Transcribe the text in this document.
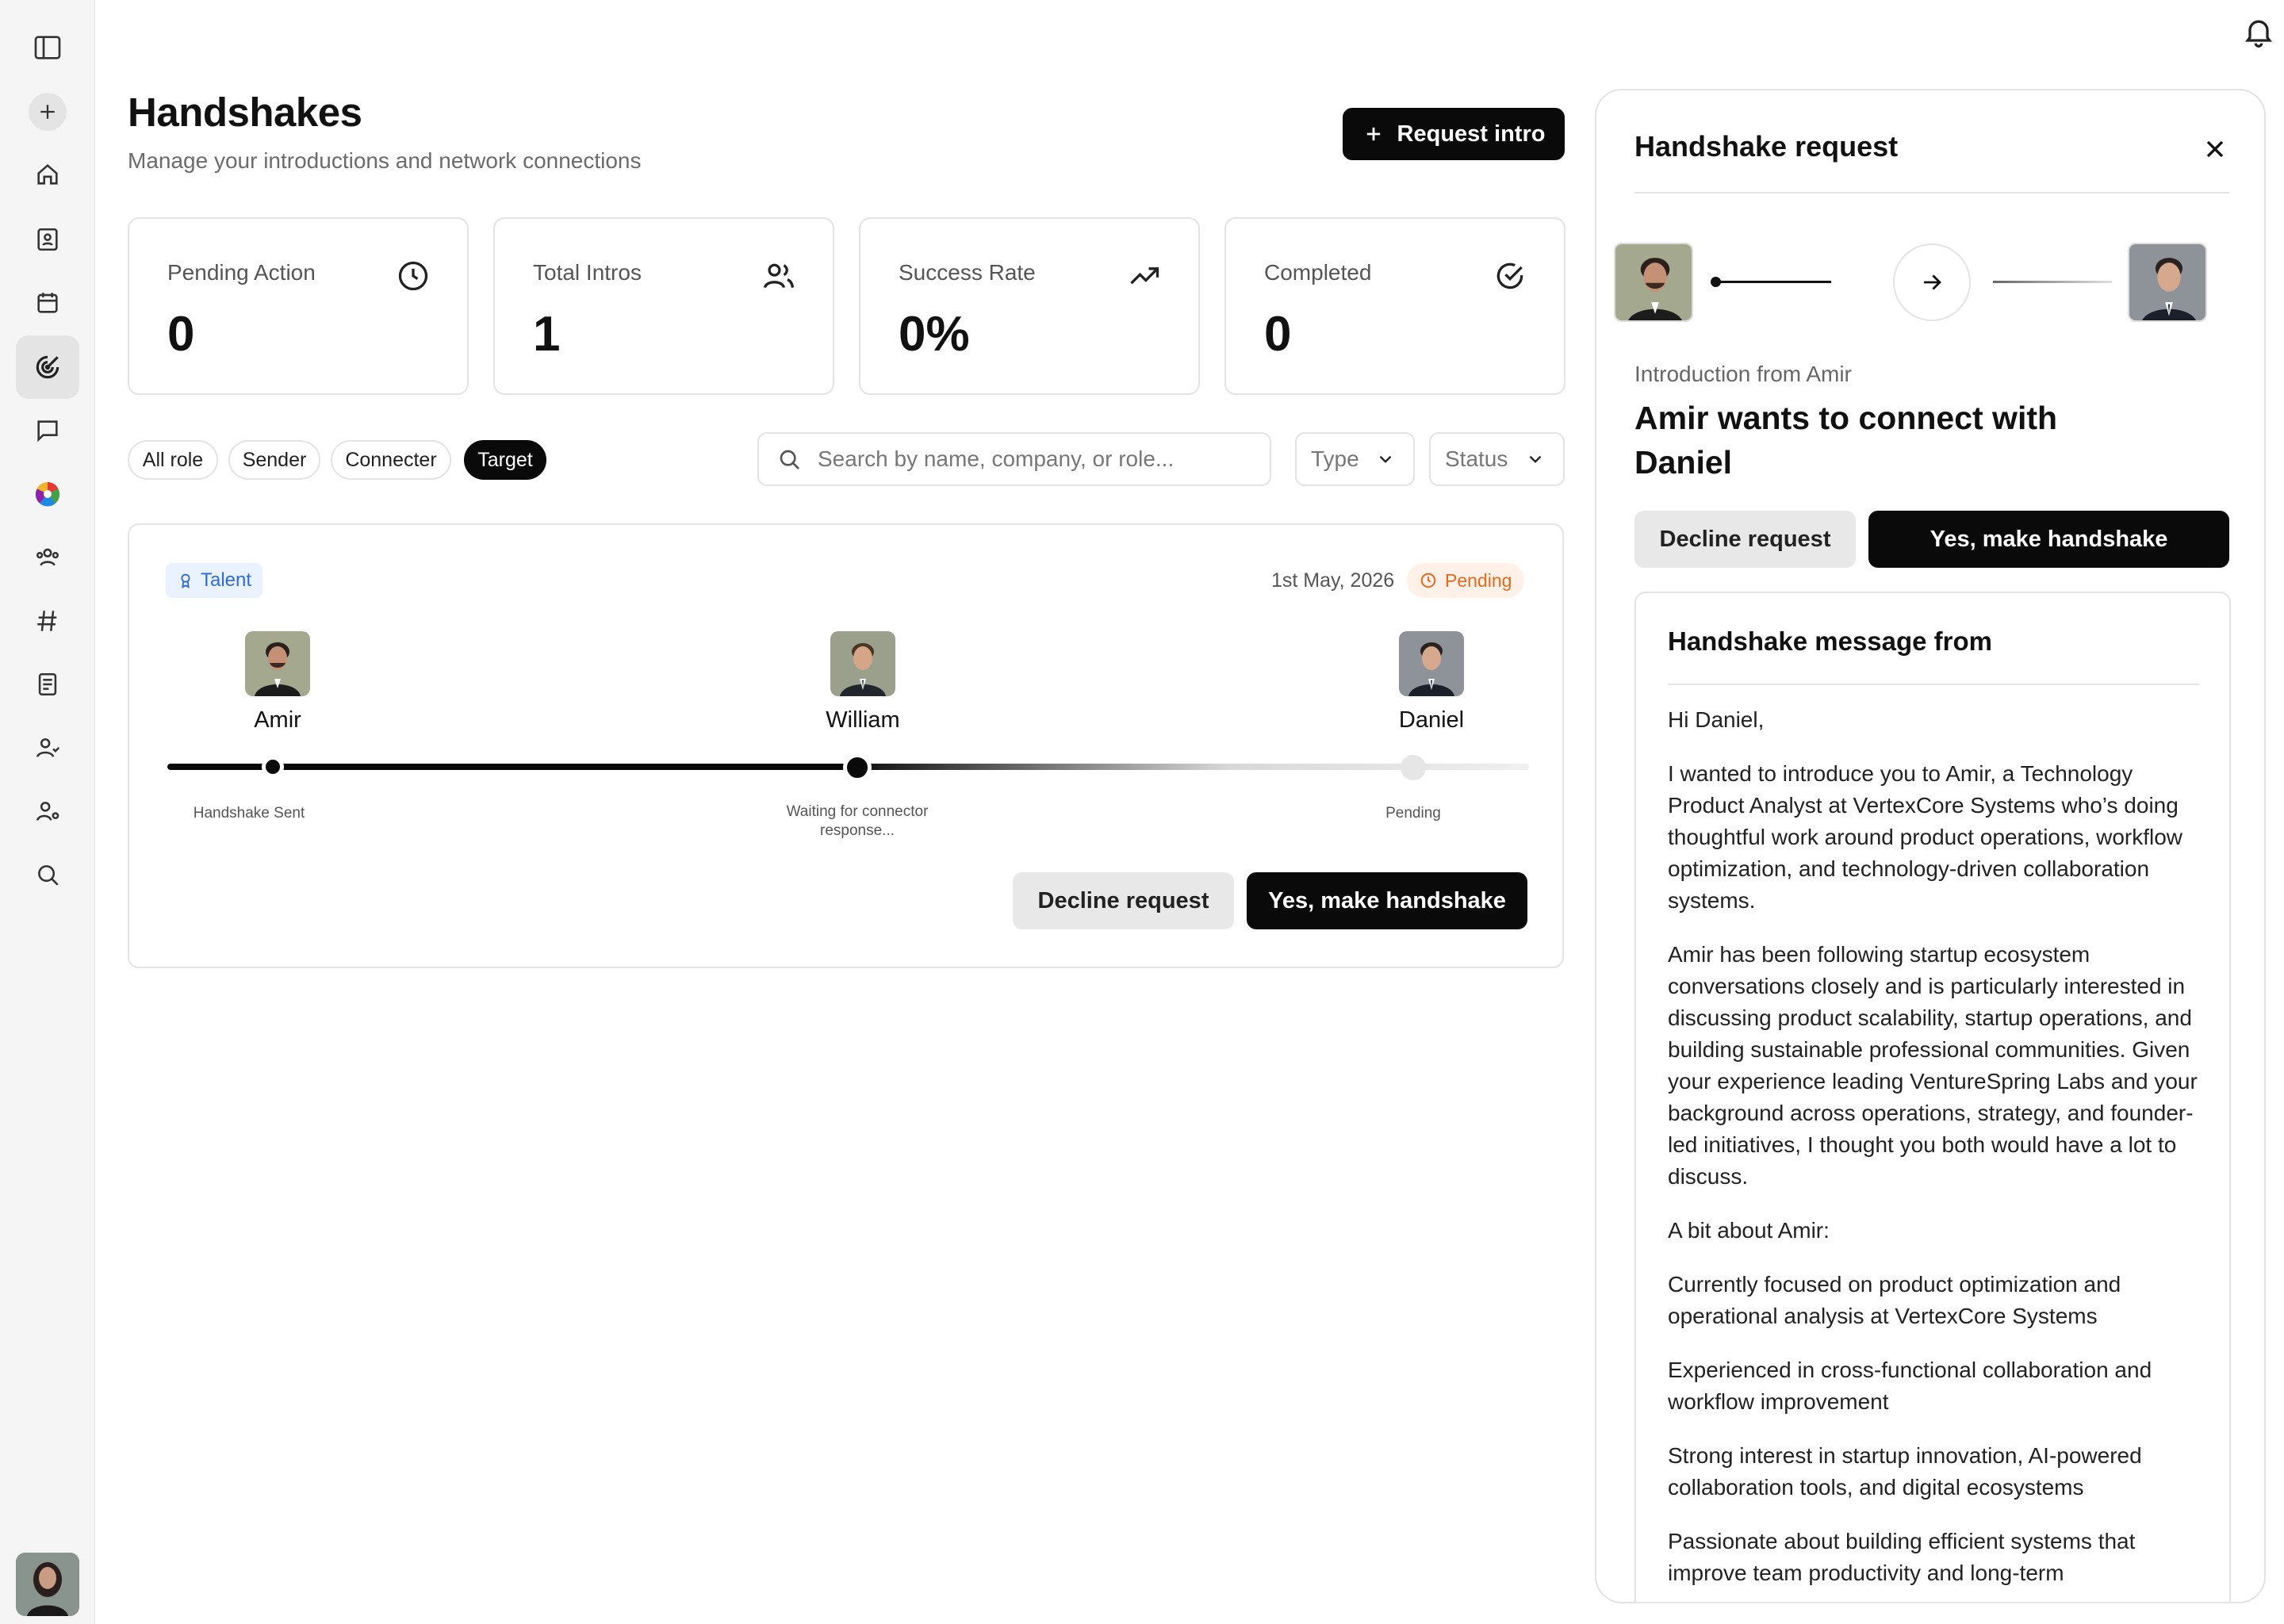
Handshakes
Manage your introductions and network connections
Request intro
Pending Action
0
Total Intros
1
Success Rate
0%
Completed
0
All role	Sender	Connecter	Target
Search by name, company, or role...	Type	Status
Talent	1st May, 2026	Pending
Amir	William	Daniel
Handshake Sent	Waiting for connector response...
Pending
Decline request	Yes, make handshake
Handshake request
Introduction from Amir
Amir wants to connect with Daniel
Decline request	Yes, make handshake
Handshake message from

Hi Daniel,

I wanted to introduce you to Amir, a Technology Product Analyst at VertexCore Systems who’s doing thoughtful work around product operations, workflow optimization, and technology-driven collaboration systems.

Amir has been following startup ecosystem conversations closely and is particularly interested in discussing product scalability, startup operations, and building sustainable professional communities. Given your experience leading VentureSpring Labs and your background across operations, strategy, and founder-led initiatives, I thought you both would have a lot to discuss.

A bit about Amir:

Currently focused on product optimization and operational analysis at VertexCore Systems

Experienced in cross-functional collaboration and workflow improvement

Strong interest in startup innovation, AI-powered collaboration tools, and digital ecosystems

Passionate about building efficient systems that improve team productivity and long-term
